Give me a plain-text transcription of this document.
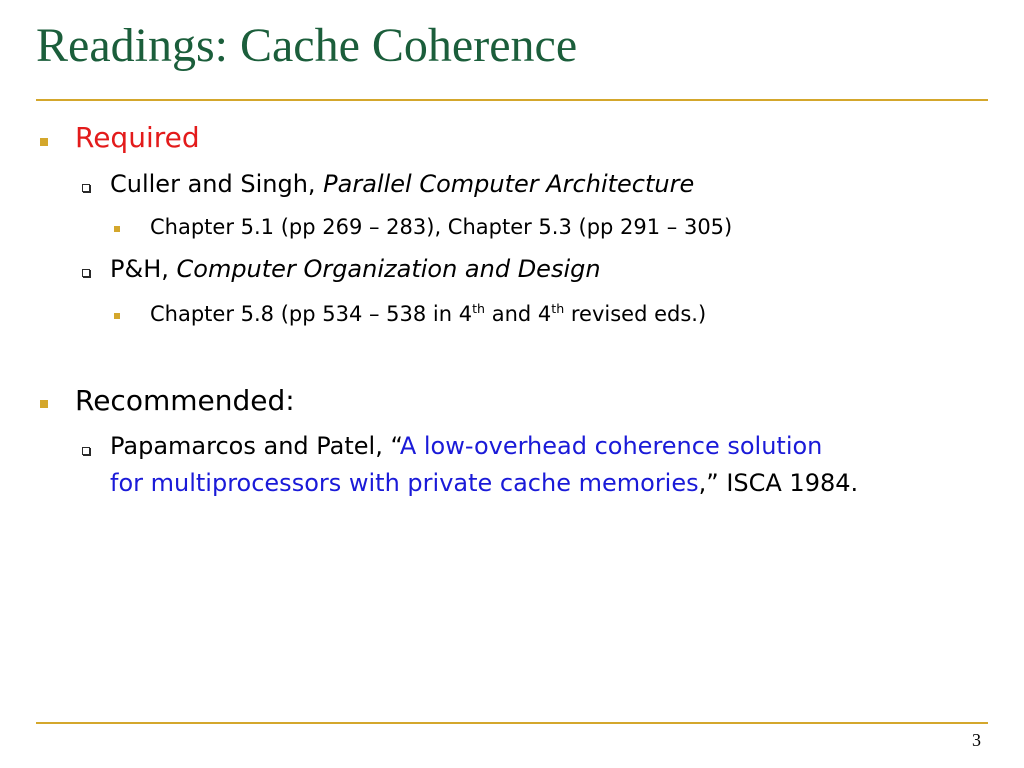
Readings: Cache Coherence
Required
Culler and Singh, Parallel Computer Architecture
Chapter 5.1 (pp 269 – 283), Chapter 5.3 (pp 291 – 305)
P&H, Computer Organization and Design
Chapter 5.8 (pp 534 – 538 in 4th and 4th revised eds.)
Recommended:
Papamarcos and Patel, “A low-overhead coherence solution
for multiprocessors with private cache memories,” ISCA 1984.
3
